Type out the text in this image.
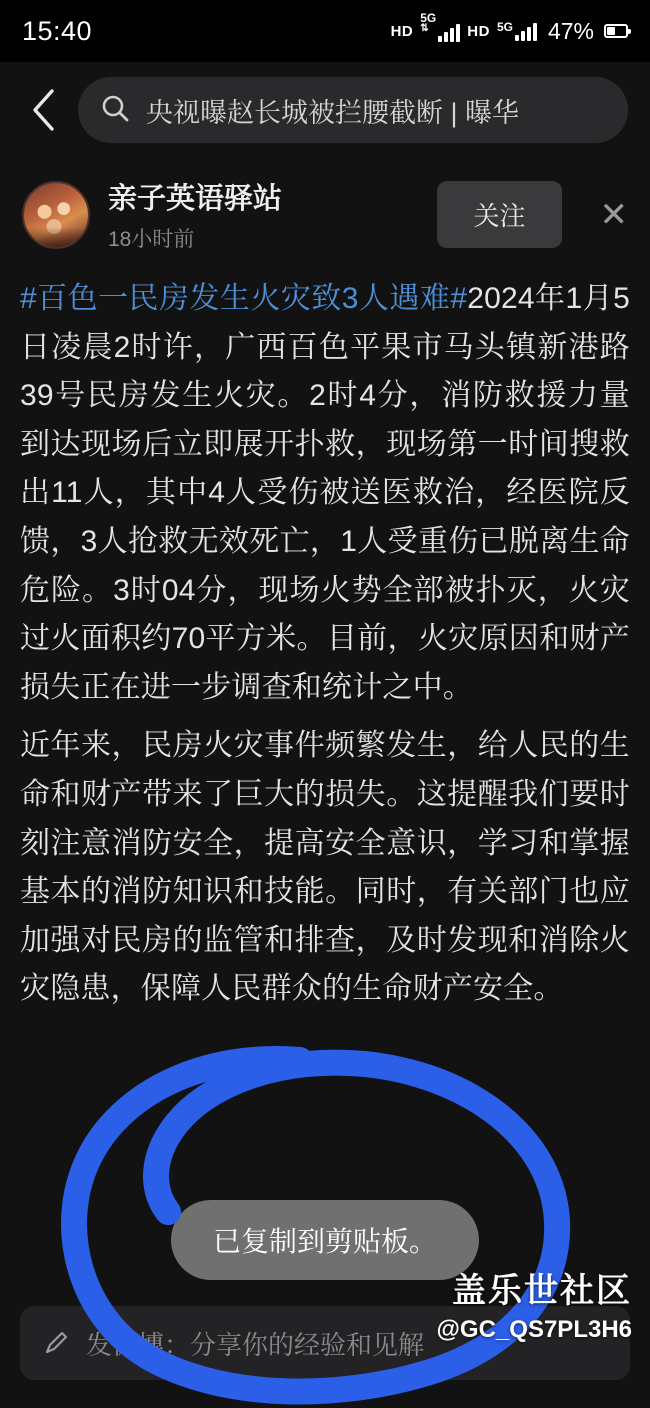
15:40	HD
5G
⇅	HD 5G 47%
央视曝赵长城被拦腰截断 | 曝华
亲子英语驿站
18小时前
关注	✕
#百色一民房发生火灾致3人遇难#2024年1月5日凌晨2时许，广西百色平果市马头镇新港路39号民房发生火灾。2时4分，消防救援力量到达现场后立即展开扑救，现场第一时间搜救出11人，其中4人受伤被送医救治，经医院反馈，3人抢救无效死亡，1人受重伤已脱离生命危险。3时04分，现场火势全部被扑灭，火灾过火面积约70平方米。目前，火灾原因和财产损失正在进一步调查和统计之中。
近年来，民房火灾事件频繁发生，给人民的生命和财产带来了巨大的损失。这提醒我们要时刻注意消防安全，提高安全意识，学习和掌握基本的消防知识和技能。同时，有关部门也应加强对民房的监管和排查，及时发现和消除火灾隐患，保障人民群众的生命财产安全。
发微博：分享你的经验和见解
已复制到剪贴板。
盖乐世社区
@GC_QS7PL3H6
